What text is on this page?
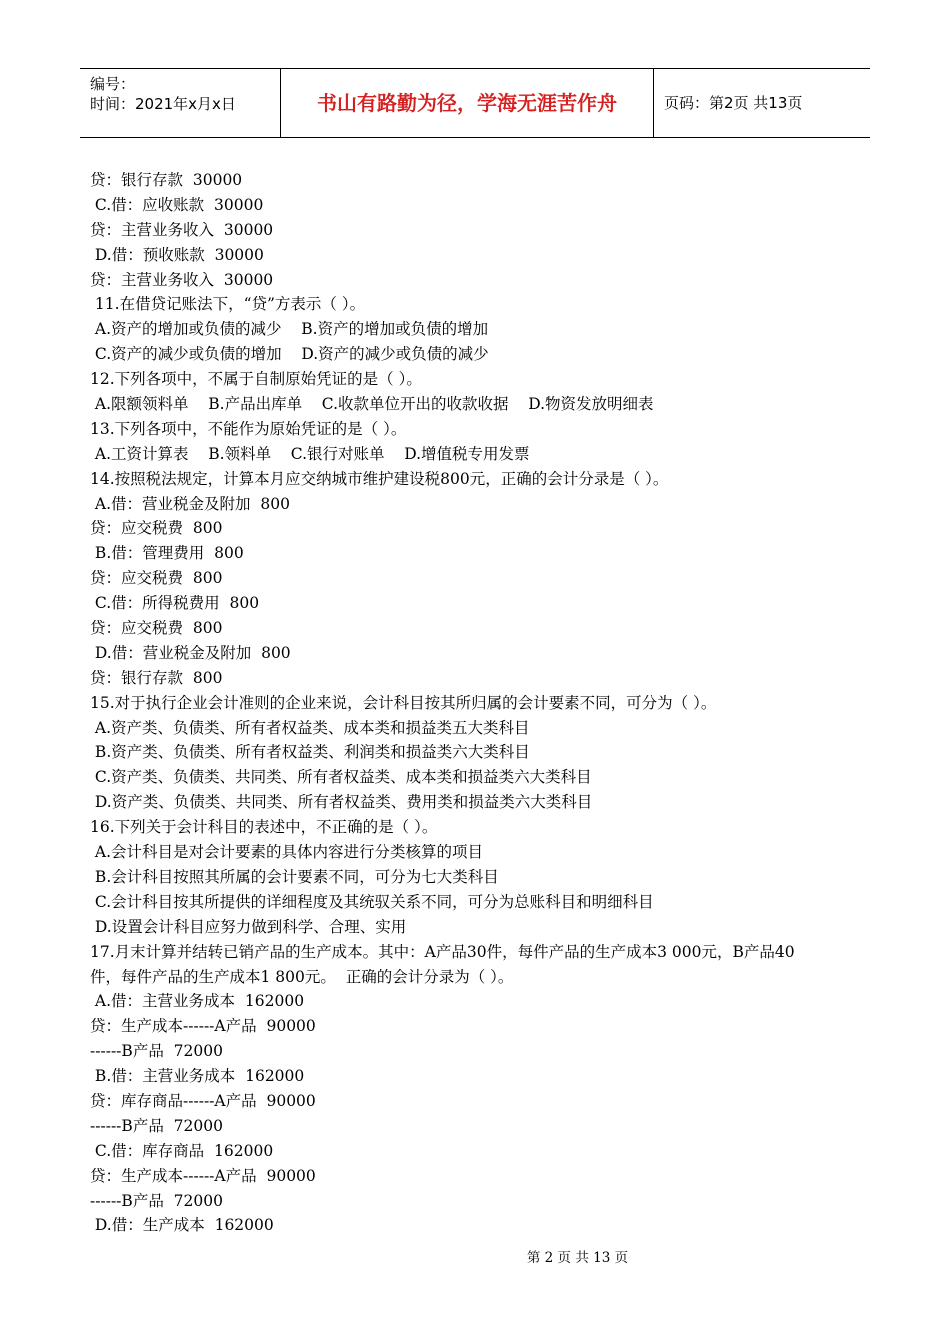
编号：
时间：2021年x月x日	书山有路勤为径，学海无涯苦作舟	页码：第2页 共13页
贷：银行存款  30000
C.借：应收账款  30000
贷：主营业务收入  30000
D.借：预收账款  30000
贷：主营业务收入  30000
11.在借贷记账法下，“贷”方表示（ ）。
A.资产的增加或负债的减少    B.资产的增加或负债的增加
C.资产的减少或负债的增加    D.资产的减少或负债的减少
12.下列各项中，不属于自制原始凭证的是（ ）。
A.限额领料单    B.产品出库单    C.收款单位开出的收款收据    D.物资发放明细表
13.下列各项中，不能作为原始凭证的是（ ）。
A.工资计算表    B.领料单    C.银行对账单    D.增值税专用发票
14.按照税法规定，计算本月应交纳城市维护建设税800元，正确的会计分录是（ ）。
A.借：营业税金及附加  800
贷：应交税费  800
B.借：管理费用  800
贷：应交税费  800
C.借：所得税费用  800
贷：应交税费  800
D.借：营业税金及附加  800
贷：银行存款  800
15.对于执行企业会计准则的企业来说，会计科目按其所归属的会计要素不同，可分为（ ）。
A.资产类、负债类、所有者权益类、成本类和损益类五大类科目
B.资产类、负债类、所有者权益类、利润类和损益类六大类科目
C.资产类、负债类、共同类、所有者权益类、成本类和损益类六大类科目
D.资产类、负债类、共同类、所有者权益类、费用类和损益类六大类科目
16.下列关于会计科目的表述中，不正确的是（ ）。
A.会计科目是对会计要素的具体内容进行分类核算的项目
B.会计科目按照其所属的会计要素不同，可分为七大类科目
C.会计科目按其所提供的详细程度及其统驭关系不同，可分为总账科目和明细科目
D.设置会计科目应努力做到科学、合理、实用
17.月末计算并结转已销产品的生产成本。其中：A产品30件，每件产品的生产成本3 000元，B产品40
件，每件产品的生产成本1 800元。  正确的会计分录为（ ）。
A.借：主营业务成本  162000
贷：生产成本------A产品  90000
------B产品  72000
B.借：主营业务成本  162000
贷：库存商品------A产品  90000
------B产品  72000
C.借：库存商品  162000
贷：生产成本------A产品  90000
------B产品  72000
D.借：生产成本  162000
第 2 页 共 13 页
